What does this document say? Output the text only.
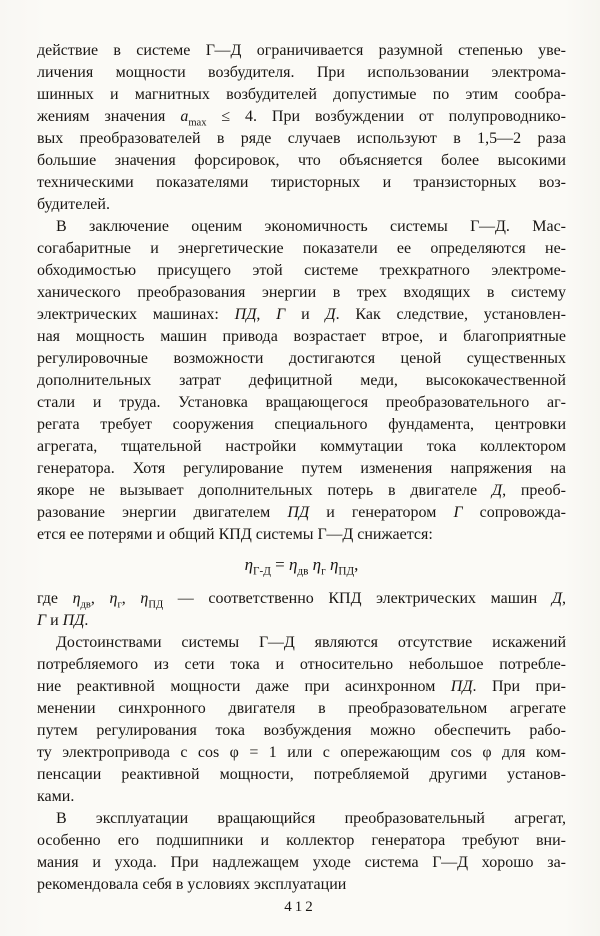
действие в системе Г—Д ограничивается разумной степенью уве-
личения мощности возбудителя. При использовании электрома-
шинных и магнитных возбудителей допустимые по этим сообра-
жениям значения $a_{max} \le 4$. При возбуждении от полупроводнико-
вых преобразователей в ряде случаев используют в 1,5—2 раза
большие значения форсировок, что объясняется более высокими
техническими показателями тиристорных и транзисторных воз-
будителей.
В заключение оценим экономичность системы Г—Д. Мас-
согабаритные и энергетические показатели ее определяются не-
обходимостью присущего этой системе трехкратного электроме-
ханического преобразования энергии в трех входящих в систему
электрических машинах: ПД, Г и Д. Как следствие, установлен-
ная мощность машин привода возрастает втрое, и благоприятные
регулировочные возможности достигаются ценой существенных
дополнительных затрат дефицитной меди, высококачественной
стали и труда. Установка вращающегося преобразовательного аг-
регата требует сооружения специального фундамента, центровки
агрегата, тщательной настройки коммутации тока коллектором
генератора. Хотя регулирование путем изменения напряжения на
якоре не вызывает дополнительных потерь в двигателе Д, преоб-
разование энергии двигателем ПД и генератором Г сопровожда-
ется ее потерями и общий КПД системы Г—Д снижается:
$\eta_{Г-Д} = \eta_{дв}$ $\eta_г$ $\eta_{ПД}$,
где $\eta_{дв}$, $\eta_г$, $\eta_{ПД}$ — соответственно КПД электрических машин Д,
Г и ПД.
Достоинствами системы Г—Д являются отсутствие искажений
потребляемого из сети тока и относительно небольшое потребле-
ние реактивной мощности даже при асинхронном ПД. При при-
менении синхронного двигателя в преобразовательном агрегате
путем регулирования тока возбуждения можно обеспечить рабо-
ту электропривода с cos φ = 1 или с опережающим cos φ для ком-
пенсации реактивной мощности, потребляемой другими установ-
ками.
В эксплуатации вращающийся преобразовательный агрегат,
особенно его подшипники и коллектор генератора требуют вни-
мания и ухода. При надлежащем уходе система Г—Д хорошо за-
рекомендовала себя в условиях эксплуатации
412
